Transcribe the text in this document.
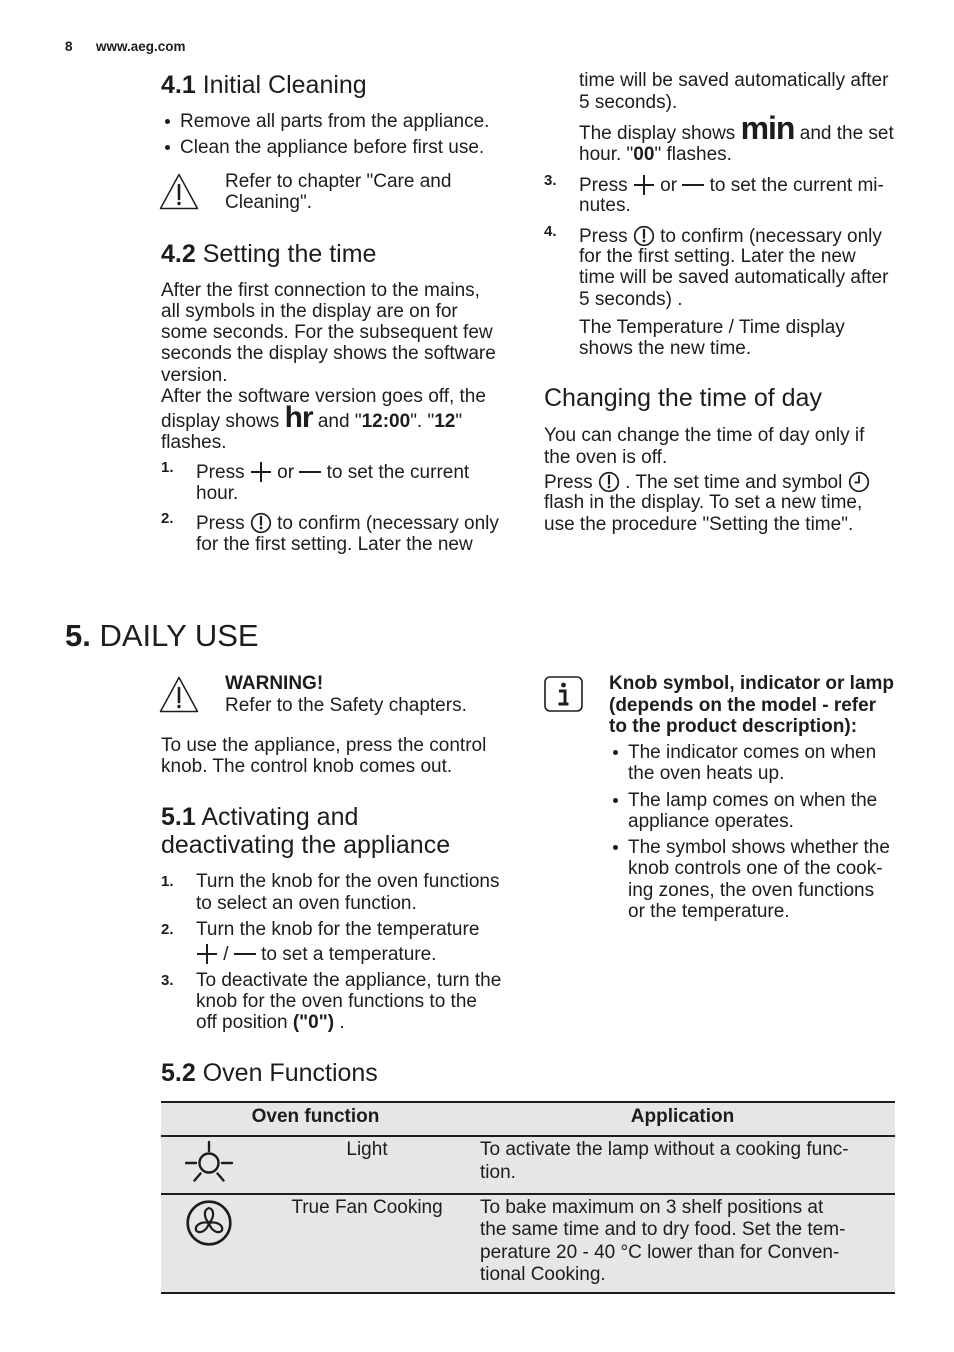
8 www.aeg.com
4.1 Initial Cleaning
Remove all parts from the appliance.
Clean the appliance before first use.
Refer to chapter "Care and
Cleaning".
4.2 Setting the time
After the first connection to the mains,
all symbols in the display are on for
some seconds. For the subsequent few
seconds the display shows the software
version.
After the software version goes off, the
display shows hr and "12:00". "12"
flashes.
1. Press or to set the current
hour.
2. Press to confirm (necessary only
for the first setting. Later the new
time will be saved automatically after
5 seconds).
The display shows min and the set
hour. "00" flashes.
3. Press or to set the current mi-
nutes.
4. Press to confirm (necessary only
for the first setting. Later the new
time will be saved automatically after
5 seconds) .
The Temperature / Time display
shows the new time.
Changing the time of day
You can change the time of day only if
the oven is off.
Press . The set time and symbol
flash in the display. To set a new time,
use the procedure "Setting the time".
5. DAILY USE
WARNING!
Refer to the Safety chapters.
To use the appliance, press the control
knob. The control knob comes out.
5.1 Activating and
deactivating the appliance
1. Turn the knob for the oven functions
to select an oven function.
2. Turn the knob for the temperature
/ to set a temperature.
3. To deactivate the appliance, turn the
knob for the oven functions to the
off position ("0") .
Knob symbol, indicator or lamp
(depends on the model - refer
to the product description):
The indicator comes on when
the oven heats up.
The lamp comes on when the
appliance operates.
The symbol shows whether the
knob controls one of the cook-
ing zones, the oven functions
or the temperature.
5.2 Oven Functions
Oven function	Application
Light	To activate the lamp without a cooking func-
tion.
True Fan Cooking	To bake maximum on 3 shelf positions at
the same time and to dry food. Set the tem-
perature 20 - 40 °C lower than for Conven-
tional Cooking.
